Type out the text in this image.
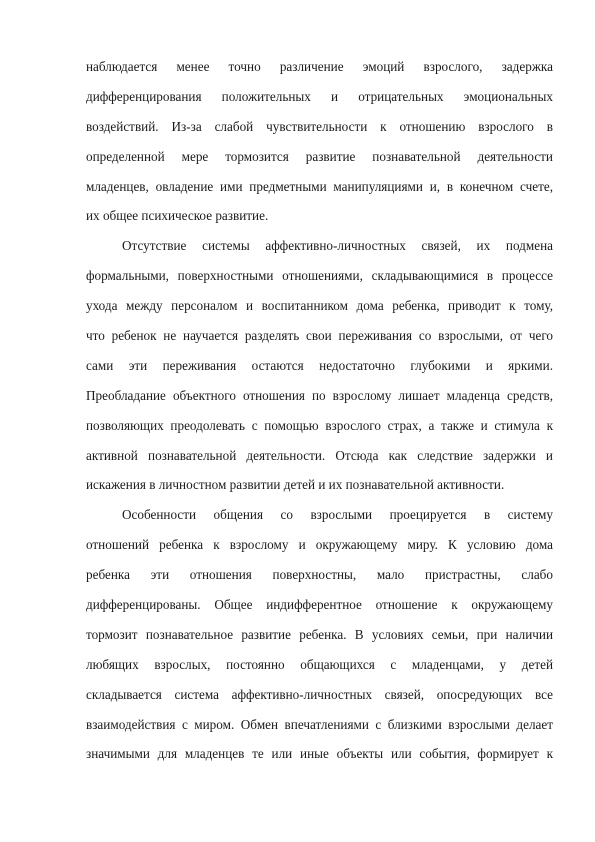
наблюдается менее точно различение эмоций взрослого, задержка
дифференцирования положительных и отрицательных эмоциональных
воздействий. Из-за слабой чувствительности к отношению взрослого в
определенной мере тормозится развитие познавательной деятельности
младенцев, овладение ими предметными манипуляциями и, в конечном счете,
их общее психическое развитие.

Отсутствие системы аффективно-личностных связей, их подмена
формальными, поверхностными отношениями, складывающимися в процессе
ухода между персоналом и воспитанником дома ребенка, приводит к тому,
что ребенок не научается разделять свои переживания со взрослыми, от чего
сами эти переживания остаются недостаточно глубокими и яркими.
Преобладание объектного отношения по взрослому лишает младенца средств,
позволяющих преодолевать с помощью взрослого страх, а также и стимула к
активной познавательной деятельности. Отсюда как следствие задержки и
искажения в личностном развитии детей и их познавательной активности.

Особенности общения со взрослыми проецируется в систему
отношений ребенка к взрослому и окружающему миру. К условию дома
ребенка эти отношения поверхностны, мало пристрастны, слабо
дифференцированы. Общее индифферентное отношение к окружающему
тормозит познавательное развитие ребенка. В условиях семьи, при наличии
любящих взрослых, постоянно общающихся с младенцами, у детей
складывается система аффективно-личностных связей, опосредующих все
взаимодействия с миром. Обмен впечатлениями с близкими взрослыми делает
значимыми для младенцев те или иные объекты или события, формирует к
